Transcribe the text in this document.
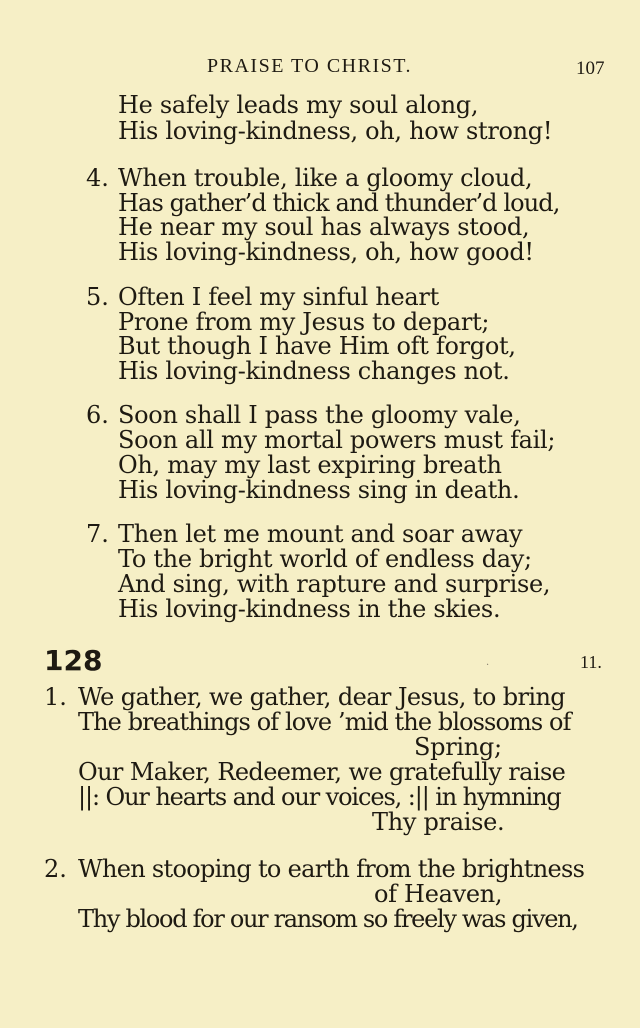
PRAISE TO CHRIST.	107
He safely leads my soul along,
His loving-kindness, oh, how strong!
4. When trouble, like a gloomy cloud,
Has gather’d thick and thunder’d loud,
He near my soul has always stood,
His loving-kindness, oh, how good!
5. Often I feel my sinful heart
Prone from my Jesus to depart;
But though I have Him oft forgot,
His loving-kindness changes not.
6. Soon shall I pass the gloomy vale,
Soon all my mortal powers must fail;
Oh, may my last expiring breath
His loving-kindness sing in death.
7. Then let me mount and soar away
To the bright world of endless day;
And sing, with rapture and surprise,
His loving-kindness in the skies.
128	·	11.
1. We gather, we gather, dear Jesus, to bring
The breathings of love ’mid the blossoms of
Spring;
Our Maker, Redeemer, we gratefully raise
||: Our hearts and our voices, :|| in hymning
Thy praise.
2. When stooping to earth from the brightness
of Heaven,
Thy blood for our ransom so freely was given,
